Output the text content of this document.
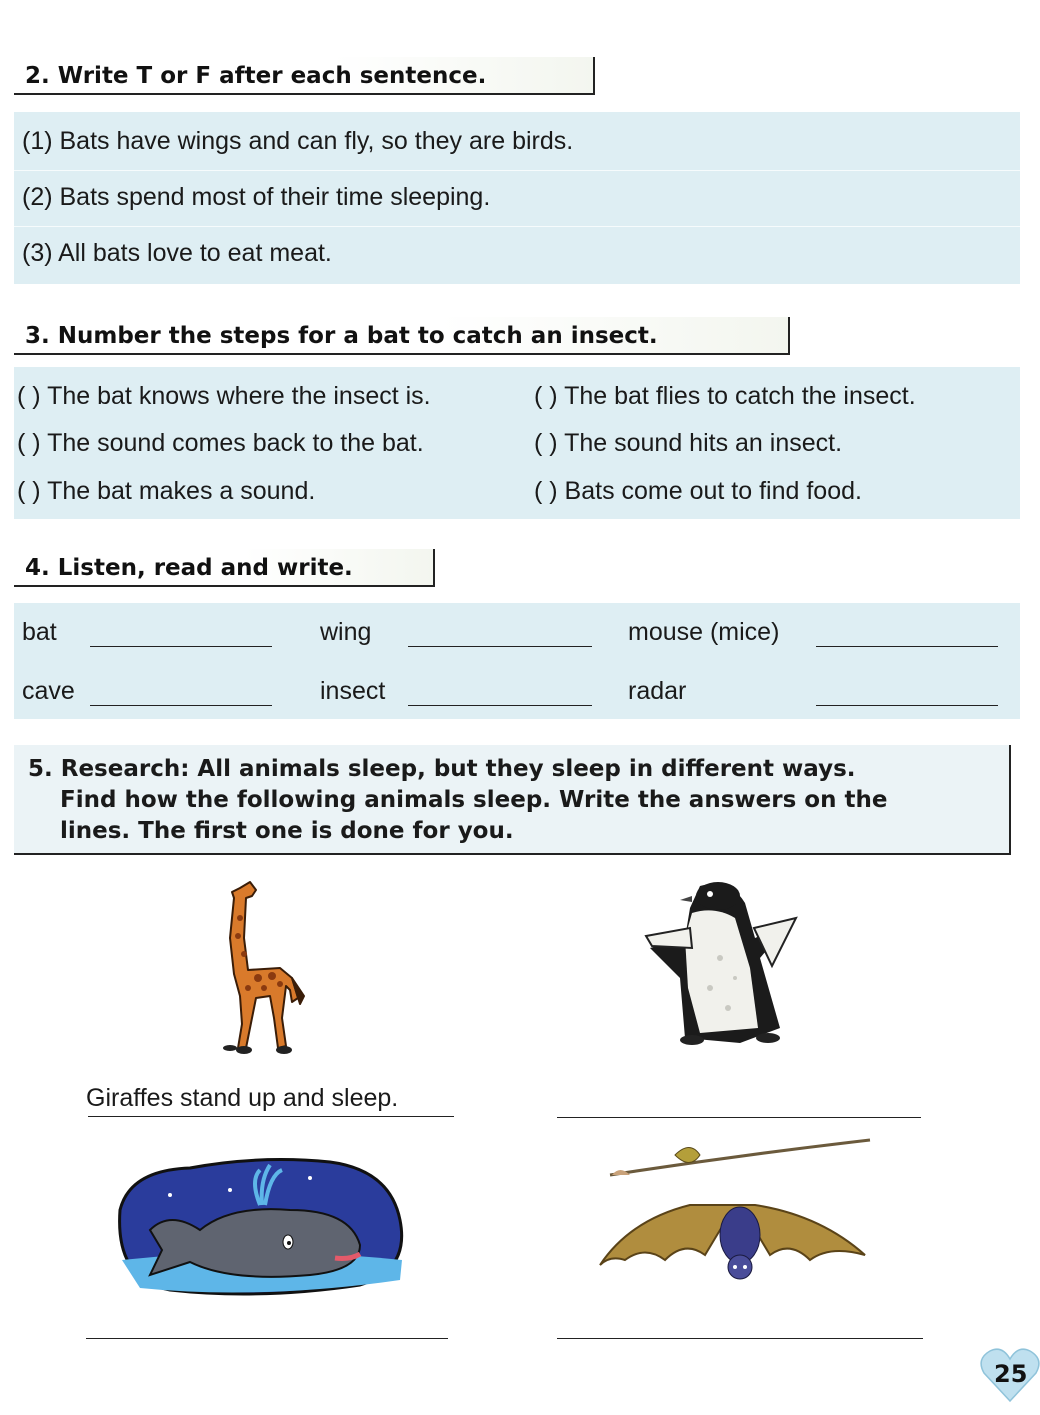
2. Write T or F after each sentence.
(1) Bats have wings and can fly, so they are birds.
(2) Bats spend most of their time sleeping.
(3) All bats love to eat meat.
3. Number the steps for a bat to catch an insect.
( ) The bat knows where the insect is.
( ) The sound comes back to the bat.
( ) The bat makes a sound.
( ) The bat flies to catch the insect.
( ) The sound hits an insect.
( ) Bats come out to find food.
4. Listen, read and write.
bat	wing	mouse (mice)
cave	insect	radar
5. Research: All animals sleep, but they sleep in different ways.
Find how the following animals sleep. Write the answers on the
lines. The first one is done for you.
Giraffes stand up and sleep.
25
